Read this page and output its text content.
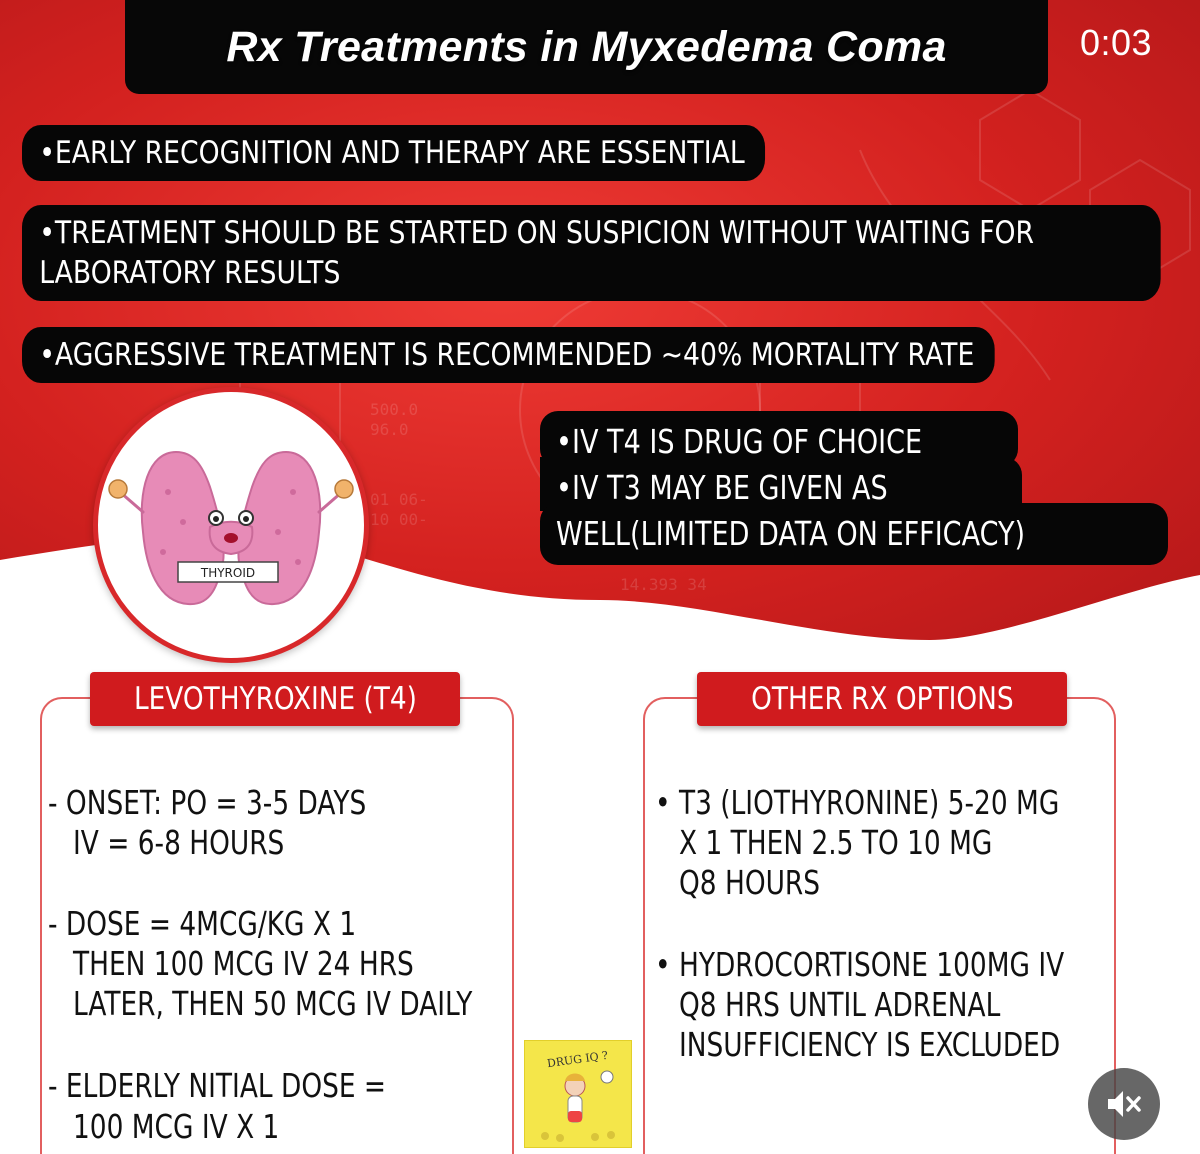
500.0
96.0
01 06-
10 00-
14.393 34
Rx Treatments in Myxedema Coma	0:03
•EARLY RECOGNITION AND THERAPY ARE ESSENTIAL
•TREATMENT SHOULD BE STARTED ON SUSPICION WITHOUT WAITING FOR LABORATORY RESULTS
•AGGRESSIVE TREATMENT IS RECOMMENDED ~40% MORTALITY RATE
•IV T4 IS DRUG OF CHOICE
•IV T3 MAY BE GIVEN AS
WELL(LIMITED DATA ON EFFICACY)
THYROID
LEVOTHYROXINE (T4)
- ONSET: PO = 3-5 DAYS
IV = 6-8 HOURS
- DOSE = 4MCG/KG X 1
THEN 100 MCG IV 24 HRS
LATER, THEN 50 MCG IV DAILY
- ELDERLY NITIAL DOSE =
100 MCG IV X 1
OTHER RX OPTIONS
• T3 (LIOTHYRONINE) 5-20 MG
X 1 THEN 2.5 TO 10 MG
Q8 HOURS
• HYDROCORTISONE 100MG IV
Q8 HRS UNTIL ADRENAL
INSUFFICIENCY IS EXCLUDED
DRUG IQ ?
